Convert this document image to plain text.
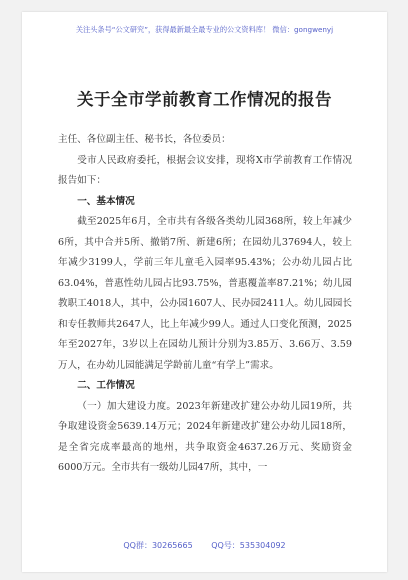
关注头条号“公文研究”，获得最新最全最专业的公文资料库！ 微信：gongwenyj
关于全市学前教育工作情况的报告

主任、各位副主任、秘书长，各位委员：

受市人民政府委托，根据会议安排，现将X市学前教育工作情况报告如下：

一、基本情况

截至2025年6月，全市共有各级各类幼儿园368所，较上年减少6所，其中合并5所、撤销7所、新建6所；在园幼儿37694人，较上年减少3199人，学前三年儿童毛入园率95.43%；公办幼儿园占比63.04%，普惠性幼儿园占比93.75%，普惠覆盖率87.21%；幼儿园教职工4018人，其中，公办园1607人、民办园2411人。幼儿园园长和专任教师共2647人，比上年减少99人。通过人口变化预测，2025年至2027年，3岁以上在园幼儿预计分别为3.85万、3.66万、3.59万人，在办幼儿园能满足学龄前儿童“有学上”需求。

二、工作情况

（一）加大建设力度。2023年新建改扩建公办幼儿园19所，共争取建设资金5639.14万元；2024年新建改扩建公办幼儿园18所，是全省完成率最高的地州，共争取资金4637.26万元、奖励资金6000万元。全市共有一级幼儿园47所，其中，一

QQ群：30265665 QQ号：535304092
